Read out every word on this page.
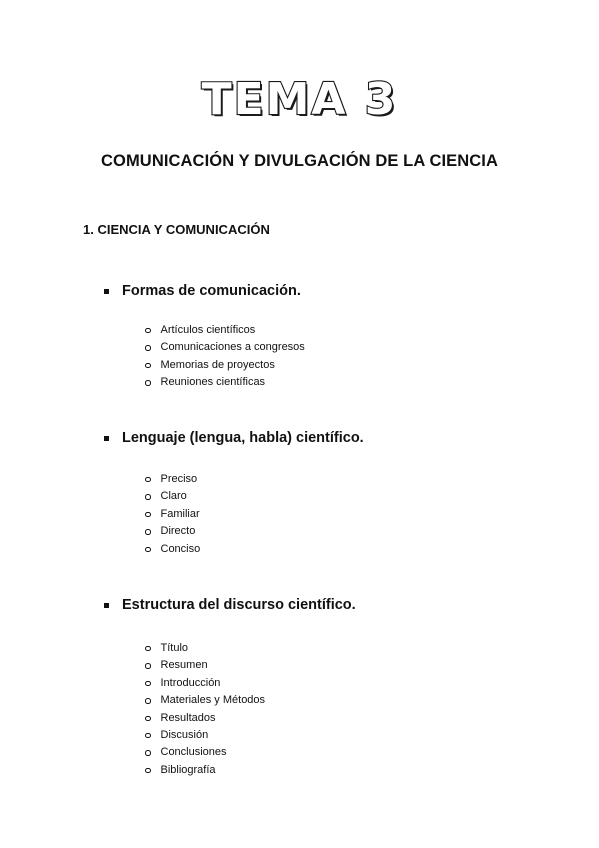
TEMA 3
COMUNICACIÓN Y DIVULGACIÓN DE LA CIENCIA
1. CIENCIA Y COMUNICACIÓN
Formas de comunicación.
Artículos científicos
Comunicaciones a congresos
Memorias de proyectos
Reuniones científicas
Lenguaje (lengua, habla) científico.
Preciso
Claro
Familiar
Directo
Conciso
Estructura del discurso científico.
Título
Resumen
Introducción
Materiales y Métodos
Resultados
Discusión
Conclusiones
Bibliografía
